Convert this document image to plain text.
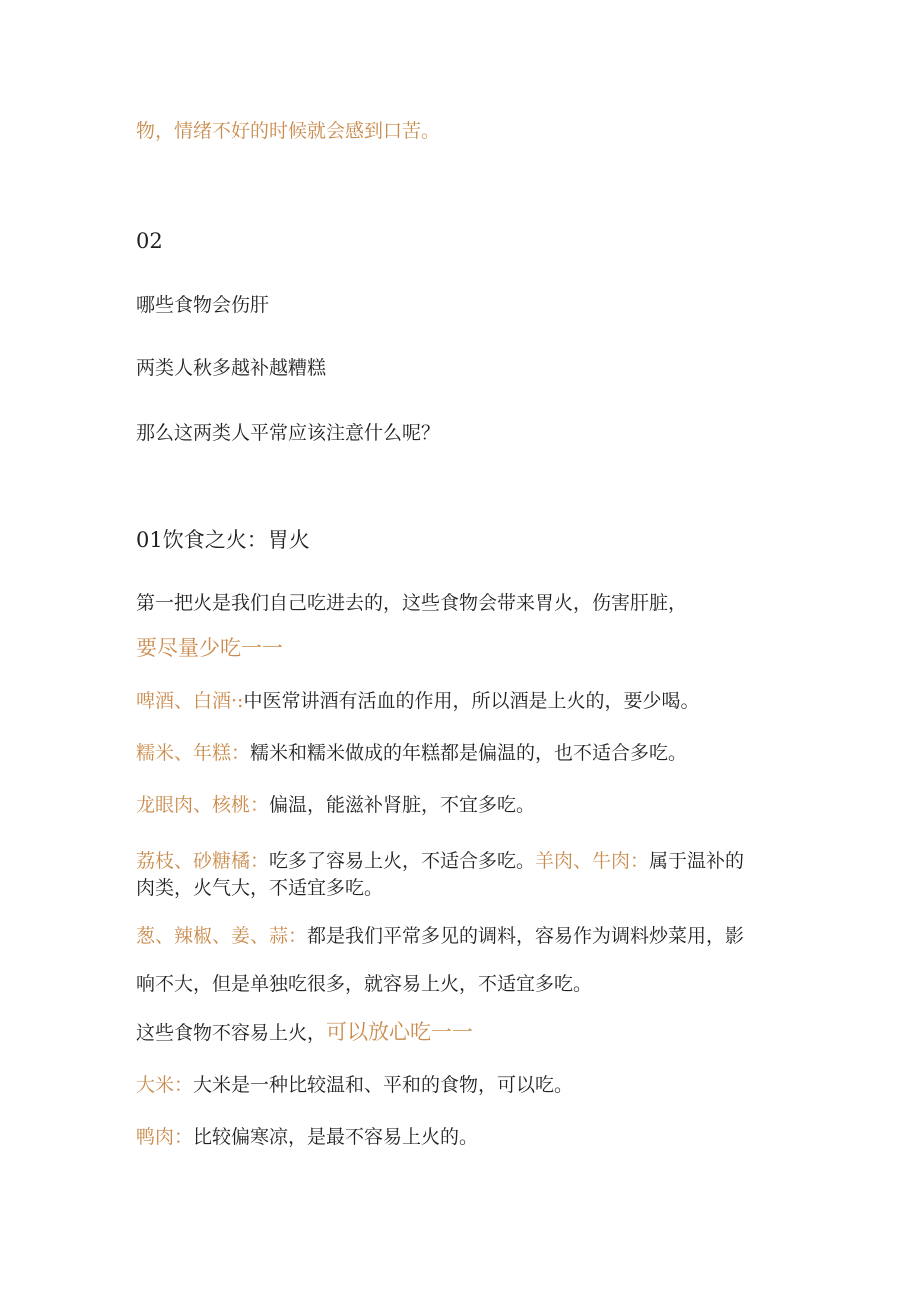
物，情绪不好的时候就会感到口苦。

02

哪些食物会伤肝

两类人秋多越补越糟糕

那么这两类人平常应该注意什么呢？

01饮食之火：胃火

第一把火是我们自己吃进去的，这些食物会带来胃火，伤害肝脏，

要尽量少吃一一

啤酒、白酒·:中医常讲酒有活血的作用，所以酒是上火的，要少喝。

糯米、年糕：糯米和糯米做成的年糕都是偏温的，也不适合多吃。

龙眼肉、核桃：偏温，能滋补肾脏，不宜多吃。

荔枝、砂糖橘：吃多了容易上火，不适合多吃。羊肉、牛肉：属于温补的

肉类，火气大，不适宜多吃。

葱、辣椒、姜、蒜：都是我们平常多见的调料，容易作为调料炒菜用，影

响不大，但是单独吃很多，就容易上火，不适宜多吃。

这些食物不容易上火，可以放心吃一一

大米：大米是一种比较温和、平和的食物，可以吃。

鸭肉：比较偏寒凉，是最不容易上火的。
